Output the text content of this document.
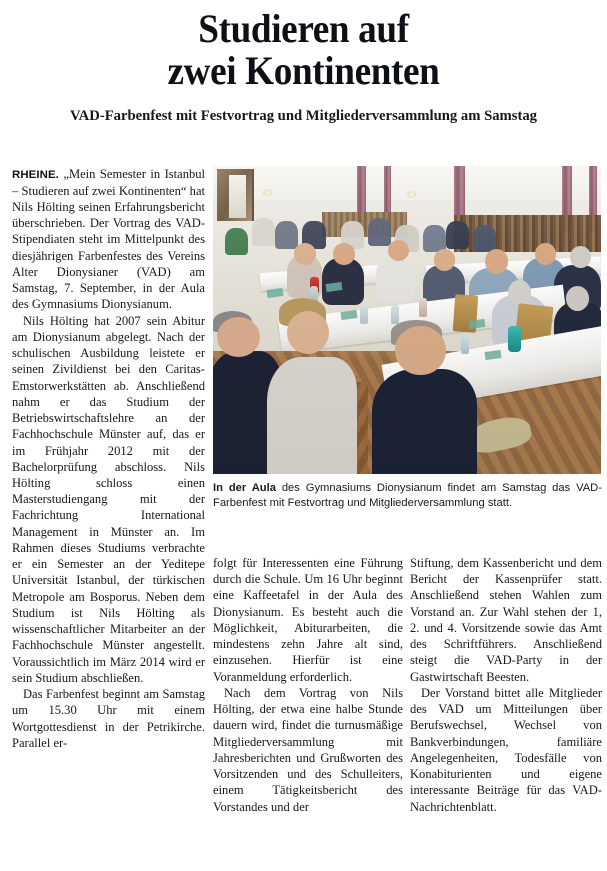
Studieren auf
zwei Kontinenten
VAD-Farbenfest mit Festvortrag und Mitgliederversammlung am Samstag
In der Aula des Gymnasiums Dionysianum findet am Samstag das VAD-Farbenfest mit Festvortrag und Mitgliederversammlung statt.

RHEINE. „Mein Semester in Istanbul – Studieren auf zwei Kontinenten“ hat Nils Hölting seinen Erfahrungsbericht überschrieben. Der Vortrag des VAD-Stipendiaten steht im Mittelpunkt des diesjährigen Farbenfestes des Vereins Alter Dionysianer (VAD) am Samstag, 7. September, in der Aula des Gymnasiums Dionysianum.

Nils Hölting hat 2007 sein Abitur am Dionysianum abgelegt. Nach der schulischen Ausbildung leistete er seinen Zivildienst bei den Caritas-Emstorwerkstätten ab. Anschließend nahm er das Studium der Betriebswirtschaftslehre an der Fachhochschule Münster auf, das er im Frühjahr 2012 mit der Bachelorprüfung abschloss. Nils Hölting schloss einen Masterstudiengang mit der Fachrichtung International Management in Münster an. Im Rahmen dieses Studiums verbrachte er ein Semester an der Yeditepe Universität Istanbul, der türkischen Metropole am Bosporus. Neben dem Studium ist Nils Hölting als wissenschaftlicher Mitarbeiter an der Fachhochschule Münster angestellt. Voraussichtlich im März 2014 wird er sein Studium abschließen.

Das Farbenfest beginnt am Samstag um 15.30 Uhr mit einem Wortgottesdienst in der Petrikirche. Parallel er-

folgt für Interessenten eine Führung durch die Schule. Um 16 Uhr beginnt eine Kaffeetafel in der Aula des Dionysianum. Es besteht auch die Möglichkeit, Abiturarbeiten, die mindestens zehn Jahre alt sind, einzusehen. Hierfür ist eine Voranmeldung erforderlich.

Nach dem Vortrag von Nils Hölting, der etwa eine halbe Stunde dauern wird, findet die turnusmäßige Mitgliederversammlung mit Jahresberichten und Grußworten des Vorsitzenden und des Schulleiters, einem Tätigkeitsbericht des Vorstandes und der

Stiftung, dem Kassenbericht und dem Bericht der Kassenprüfer statt. Anschließend stehen Wahlen zum Vorstand an. Zur Wahl stehen der 1, 2. und 4. Vorsitzende sowie das Amt des Schriftführers. Anschließend steigt die VAD-Party in der Gastwirtschaft Beesten.

Der Vorstand bittet alle Mitglieder des VAD um Mitteilungen über Berufswechsel, Wechsel von Bankverbindungen, familiäre Angelegenheiten, Todesfälle von Konabiturienten und eigene interessante Beiträge für das VAD-Nachrichtenblatt.
